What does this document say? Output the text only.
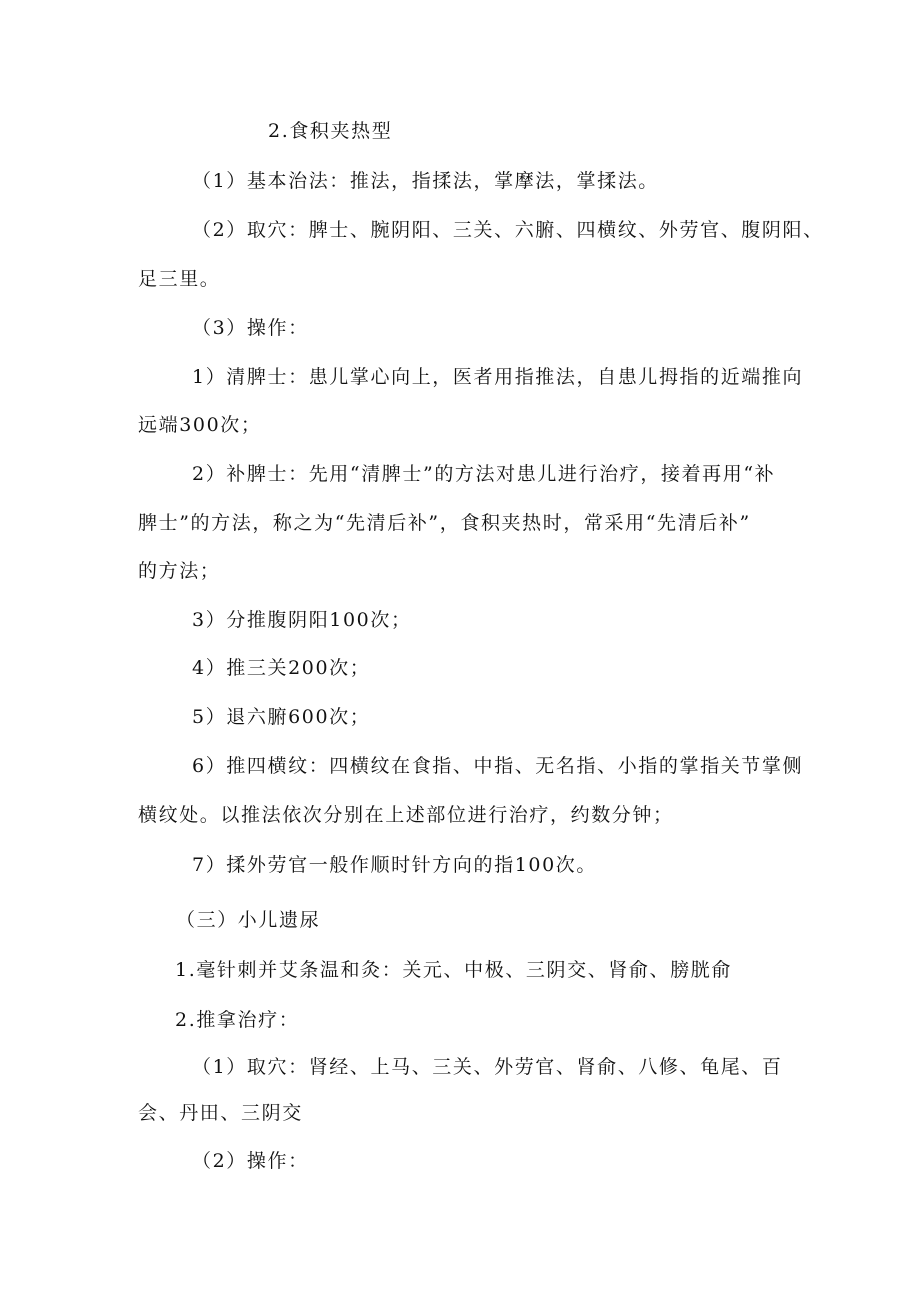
2.食积夹热型
（1）基本治法：推法，指揉法，掌摩法，掌揉法。
（2）取穴：脾士、腕阴阳、三关、六腑、四横纹、外劳官、腹阴阳、
足三里。
（3）操作：
1）清脾士：患儿掌心向上，医者用指推法，自患儿拇指的近端推向
远端300次；
2）补脾士：先用“清脾士”的方法对患儿进行治疗，接着再用“补
脾士”的方法，称之为“先清后补”，食积夹热时，常采用“先清后补”
的方法；
3）分推腹阴阳100次；
4）推三关200次；
5）退六腑600次；
6）推四横纹：四横纹在食指、中指、无名指、小指的掌指关节掌侧
横纹处。以推法依次分别在上述部位进行治疗，约数分钟；
7）揉外劳官一般作顺时针方向的指100次。
（三）小儿遗尿
1.毫针刺并艾条温和灸：关元、中极、三阴交、肾俞、膀胱俞
2.推拿治疗：
（1）取穴：肾经、上马、三关、外劳官、肾俞、八修、龟尾、百
会、丹田、三阴交
（2）操作：
